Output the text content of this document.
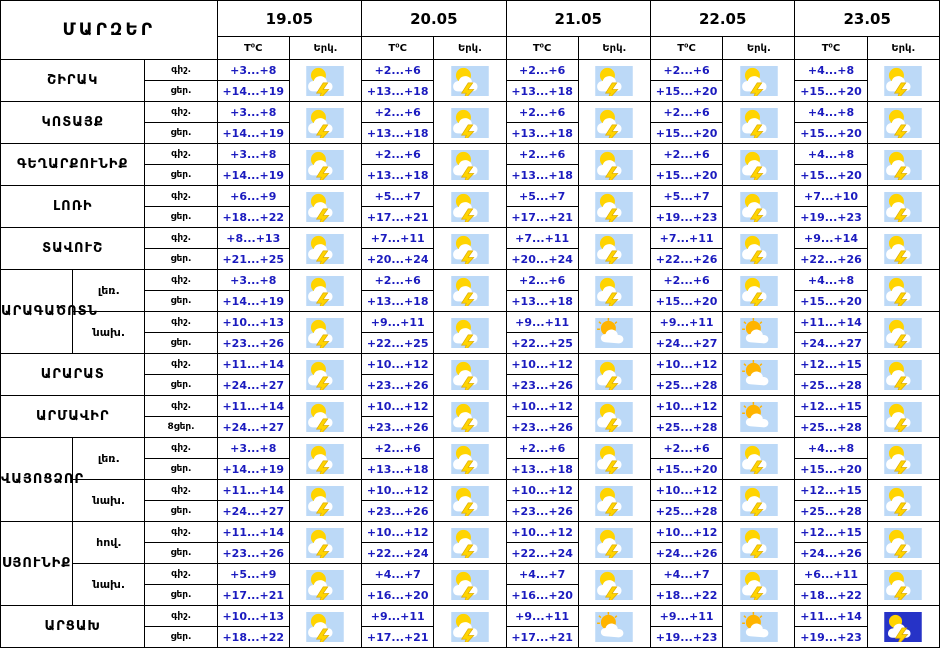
ՄԱՐԶԵՐ			19.05		20.05		21.05		22.05		23.05	
			T⁰C	Երկ.	T⁰C	Երկ.	T⁰C	Երկ.	T⁰C	Երկ.	T⁰C	Երկ.
ՇԻՐԱԿ		գիշ.	+3...+8		+2...+6		+2...+6		+2...+6		+4...+8	

		ցեր.	+14...+19		+13...+18		+13...+18		+15...+20		+15...+20	
ԿՈՏԱՅՔ		գիշ.	+3...+8		+2...+6		+2...+6		+2...+6		+4...+8	

		ցեր.	+14...+19		+13...+18		+13...+18		+15...+20		+15...+20	
ԳԵՂԱՐՔՈՒՆԻՔ		գիշ.	+3...+8		+2...+6		+2...+6		+2...+6		+4...+8	

		ցեր.	+14...+19		+13...+18		+13...+18		+15...+20		+15...+20	
ԼՈՌԻ		գիշ.	+6...+9		+5...+7		+5...+7		+5...+7		+7...+10	

		ցեր.	+18...+22		+17...+21		+17...+21		+19...+23		+19...+23	
ՏԱՎՈՒՇ		գիշ.	+8...+13		+7...+11		+7...+11		+7...+11		+9...+14	

		ցեր.	+21...+25		+20...+24		+20...+24		+22...+26		+22...+26	
ԱՐԱԳԱԾՈՏՆ	լեռ.	գիշ.	+3...+8		+2...+6		+2...+6		+2...+6		+4...+8	

		ցեր.	+14...+19		+13...+18		+13...+18		+15...+20		+15...+20	
	նախ.	գիշ.	+10...+13		+9...+11		+9...+11		+9...+11		+11...+14	

		ցեր.	+23...+26		+22...+25		+22...+25		+24...+27		+24...+27	
ԱՐԱՐԱՏ		գիշ.	+11...+14		+10...+12		+10...+12		+10...+12		+12...+15	

		ցեր.	+24...+27		+23...+26		+23...+26		+25...+28		+25...+28	
ԱՐՄԱՎԻՐ		գիշ.	+11...+14		+10...+12		+10...+12		+10...+12		+12...+15	

		8ցեր.	+24...+27		+23...+26		+23...+26		+25...+28		+25...+28	
ՎԱՅՈՑՁՈՐ	լեռ.	գիշ.	+3...+8		+2...+6		+2...+6		+2...+6		+4...+8	

		ցեր.	+14...+19		+13...+18		+13...+18		+15...+20		+15...+20	
	նախ.	գիշ.	+11...+14		+10...+12		+10...+12		+10...+12		+12...+15	

		ցեր.	+24...+27		+23...+26		+23...+26		+25...+28		+25...+28	
ՍՅՈՒՆԻՔ	հով.	գիշ.	+11...+14		+10...+12		+10...+12		+10...+12		+12...+15	

		ցեր.	+23...+26		+22...+24		+22...+24		+24...+26		+24...+26	
	նախ.	գիշ.	+5...+9		+4...+7		+4...+7		+4...+7		+6...+11	

		ցեր.	+17...+21		+16...+20		+16...+20		+18...+22		+18...+22	
ԱՐՑԱԽ		գիշ.	+10...+13		+9...+11		+9...+11		+9...+11		+11...+14	

		ցեր.	+18...+22		+17...+21		+17...+21		+19...+23		+19...+23	
